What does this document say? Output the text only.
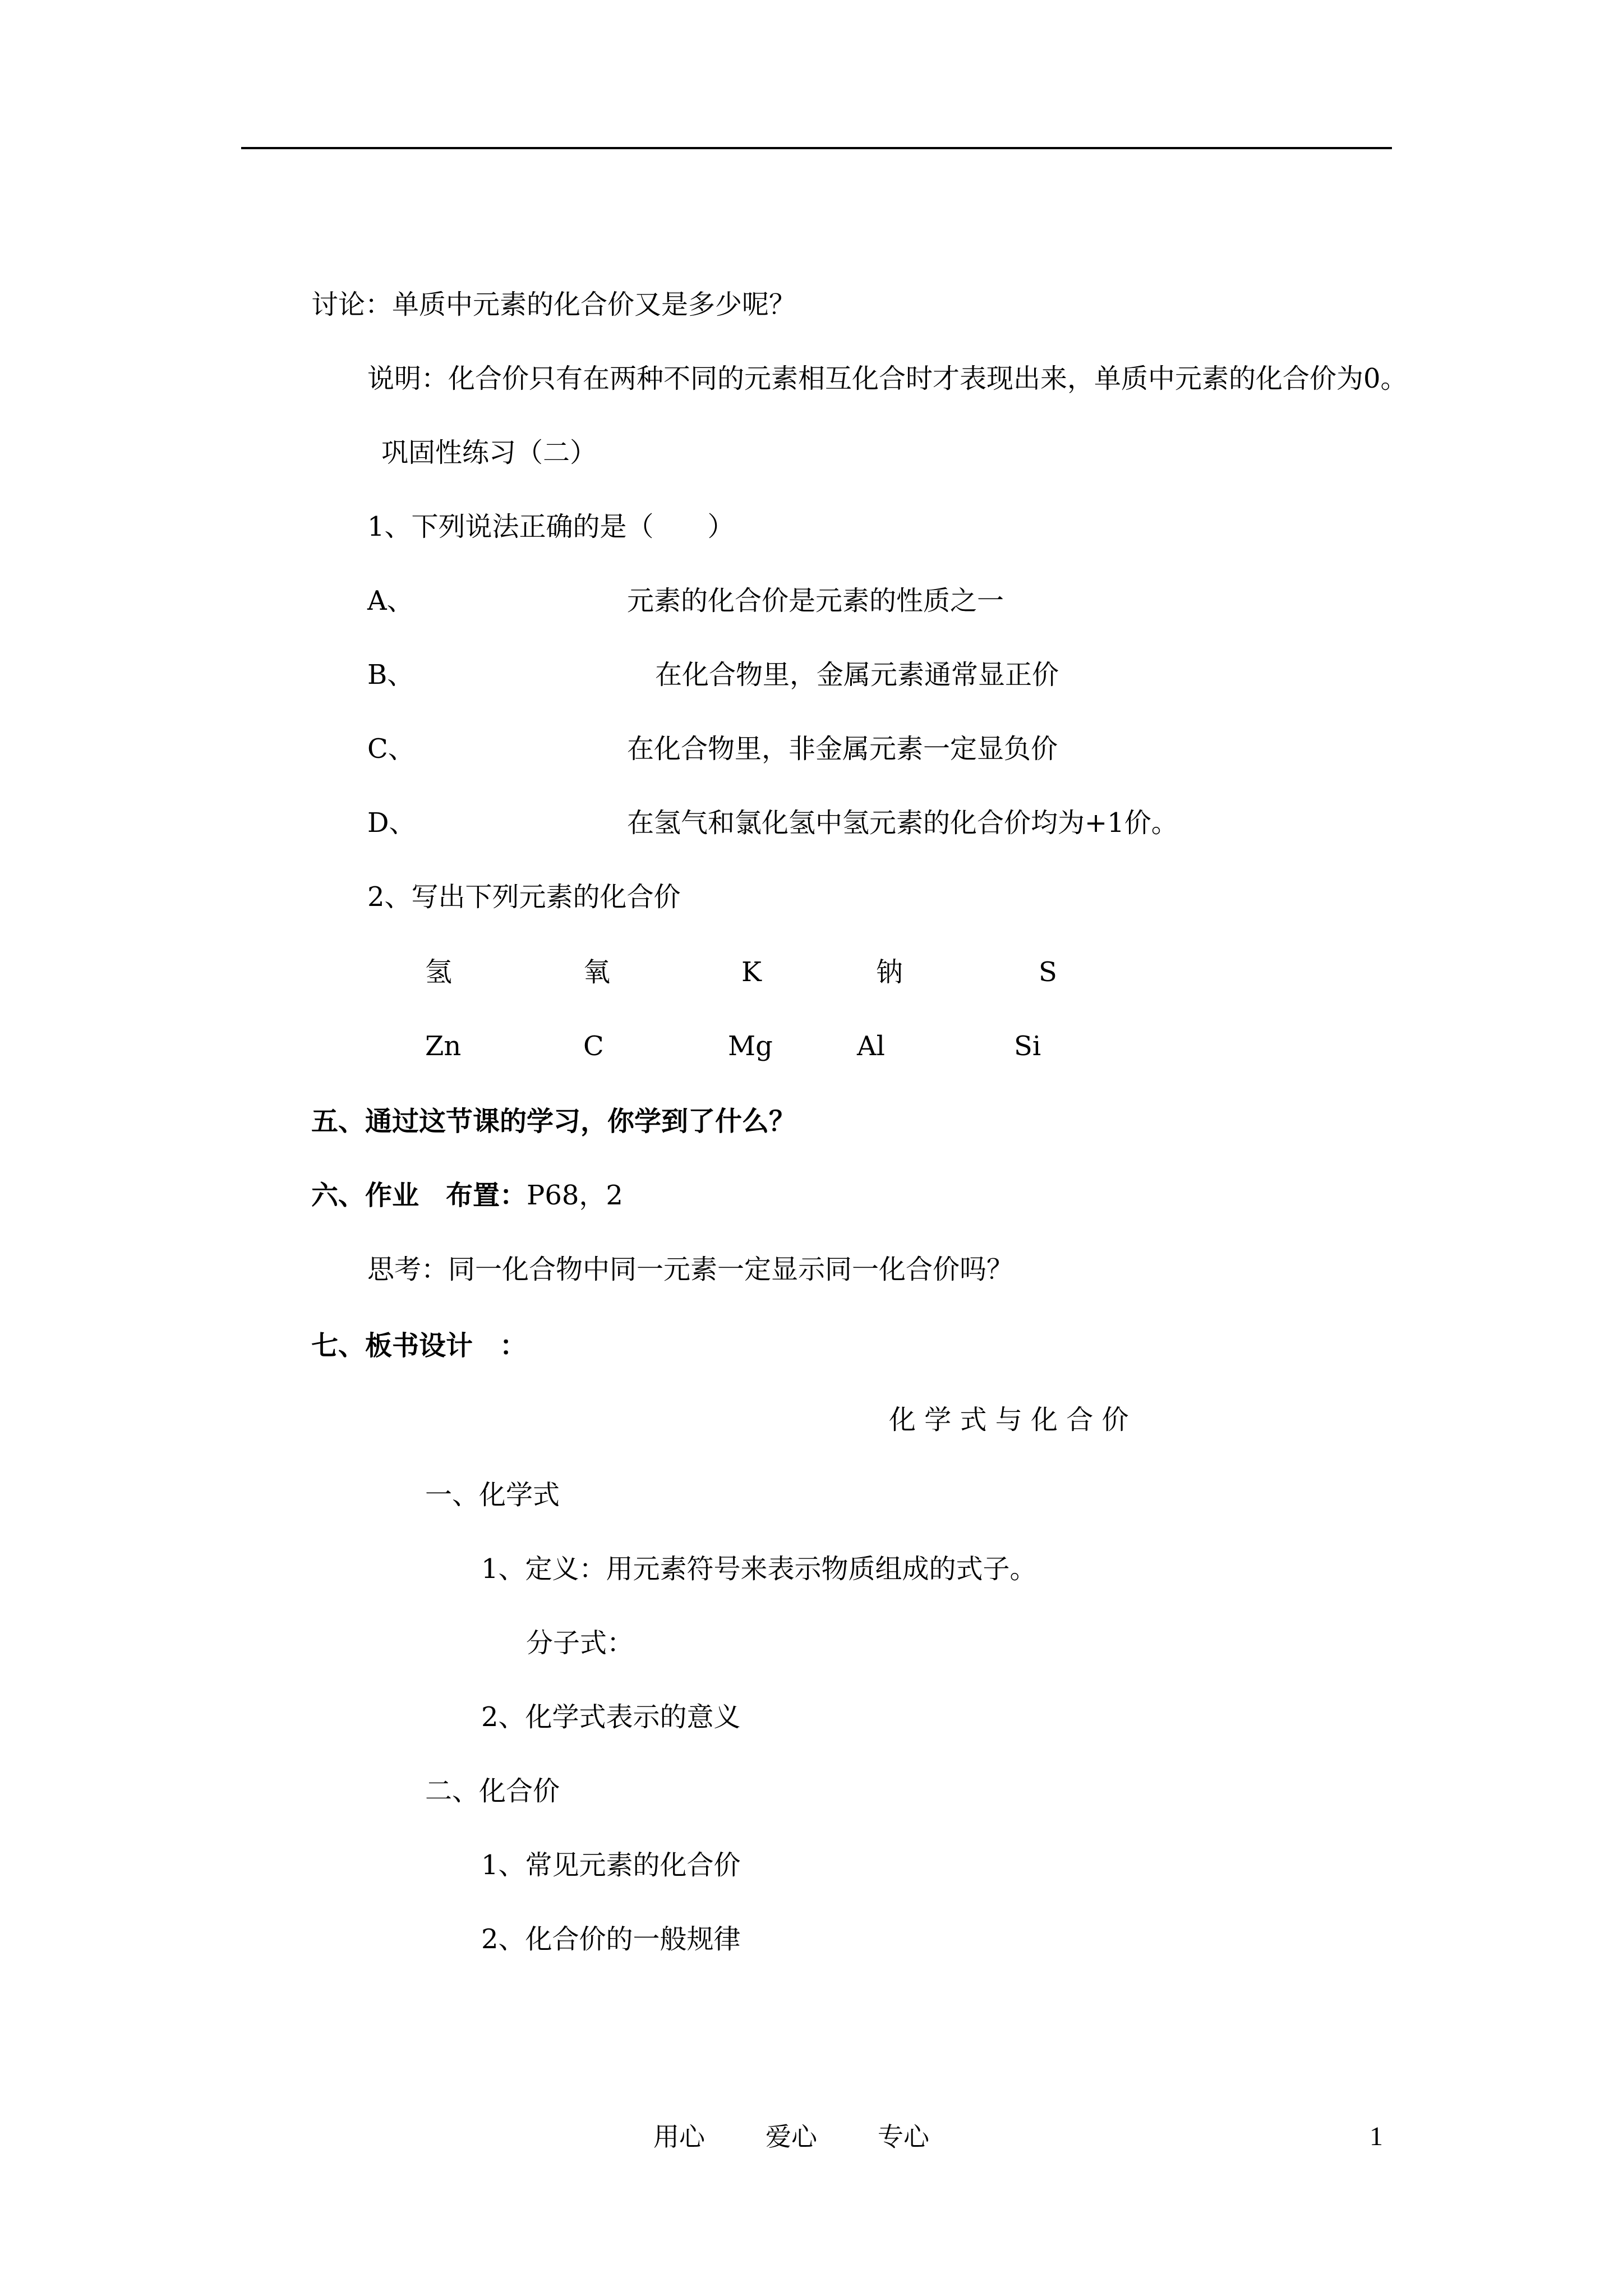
讨论：单质中元素的化合价又是多少呢？
说明：化合价只有在两种不同的元素相互化合时才表现出来，单质中元素的化合价为0。
巩固性练习（二）
1、下列说法正确的是（　　）
A、	元素的化合价是元素的性质之一
B、	在化合物里，金属元素通常显正价
C、	在化合物里，非金属元素一定显负价
D、	在氢气和氯化氢中氢元素的化合价均为+1价。
2、写出下列元素的化合价
氢	氧	K	钠	S
Zn	C	Mg	Al	Si
五、通过这节课的学习，你学到了什么？
六、作业　布置：P68，2
思考：同一化合物中同一元素一定显示同一化合价吗？
七、板书设计　：
化 学 式 与 化 合 价
一、化学式
1、定义：用元素符号来表示物质组成的式子。
分子式：
2、化学式表示的意义
二、化合价
1、常见元素的化合价
2、化合价的一般规律
用心 爱心 专心	1
